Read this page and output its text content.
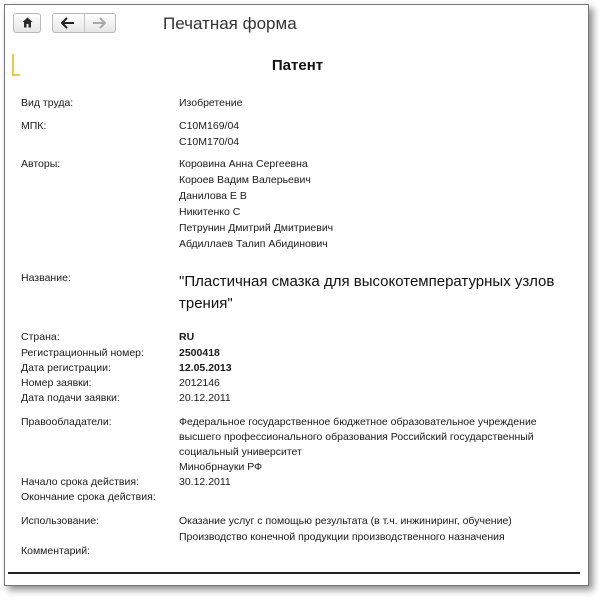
Печатная форма
Патент
Вид труда:	Изобретение
МПК:	C10M169/04
C10M170/04
Авторы:	Коровина Анна Сергеевна
Короев Вадим Валерьевич
Данилова Е В
Никитенко С
Петрунин Дмитрий Дмитриевич
Абдиллаев Талип Абидинович
Название:	"Пластичная смазка для высокотемпературных узлов трения"
Страна:	RU
Регистрационный номер:	2500418
Дата регистрации:	12.05.2013
Номер заявки:	2012146
Дата подачи заявки:	20.12.2011
Правообладатели:	Федеральное государственное бюджетное образовательное учреждение
высшего профессионального образования Российский государственный
социальный университет
Минобрнауки РФ
Начало срока действия:	30.12.2011
Окончание срока действия:
Использование:	Оказание услуг с помощью результата (в т.ч. инжиниринг, обучение)
Производство конечной продукции производственного назначения
Комментарий:
